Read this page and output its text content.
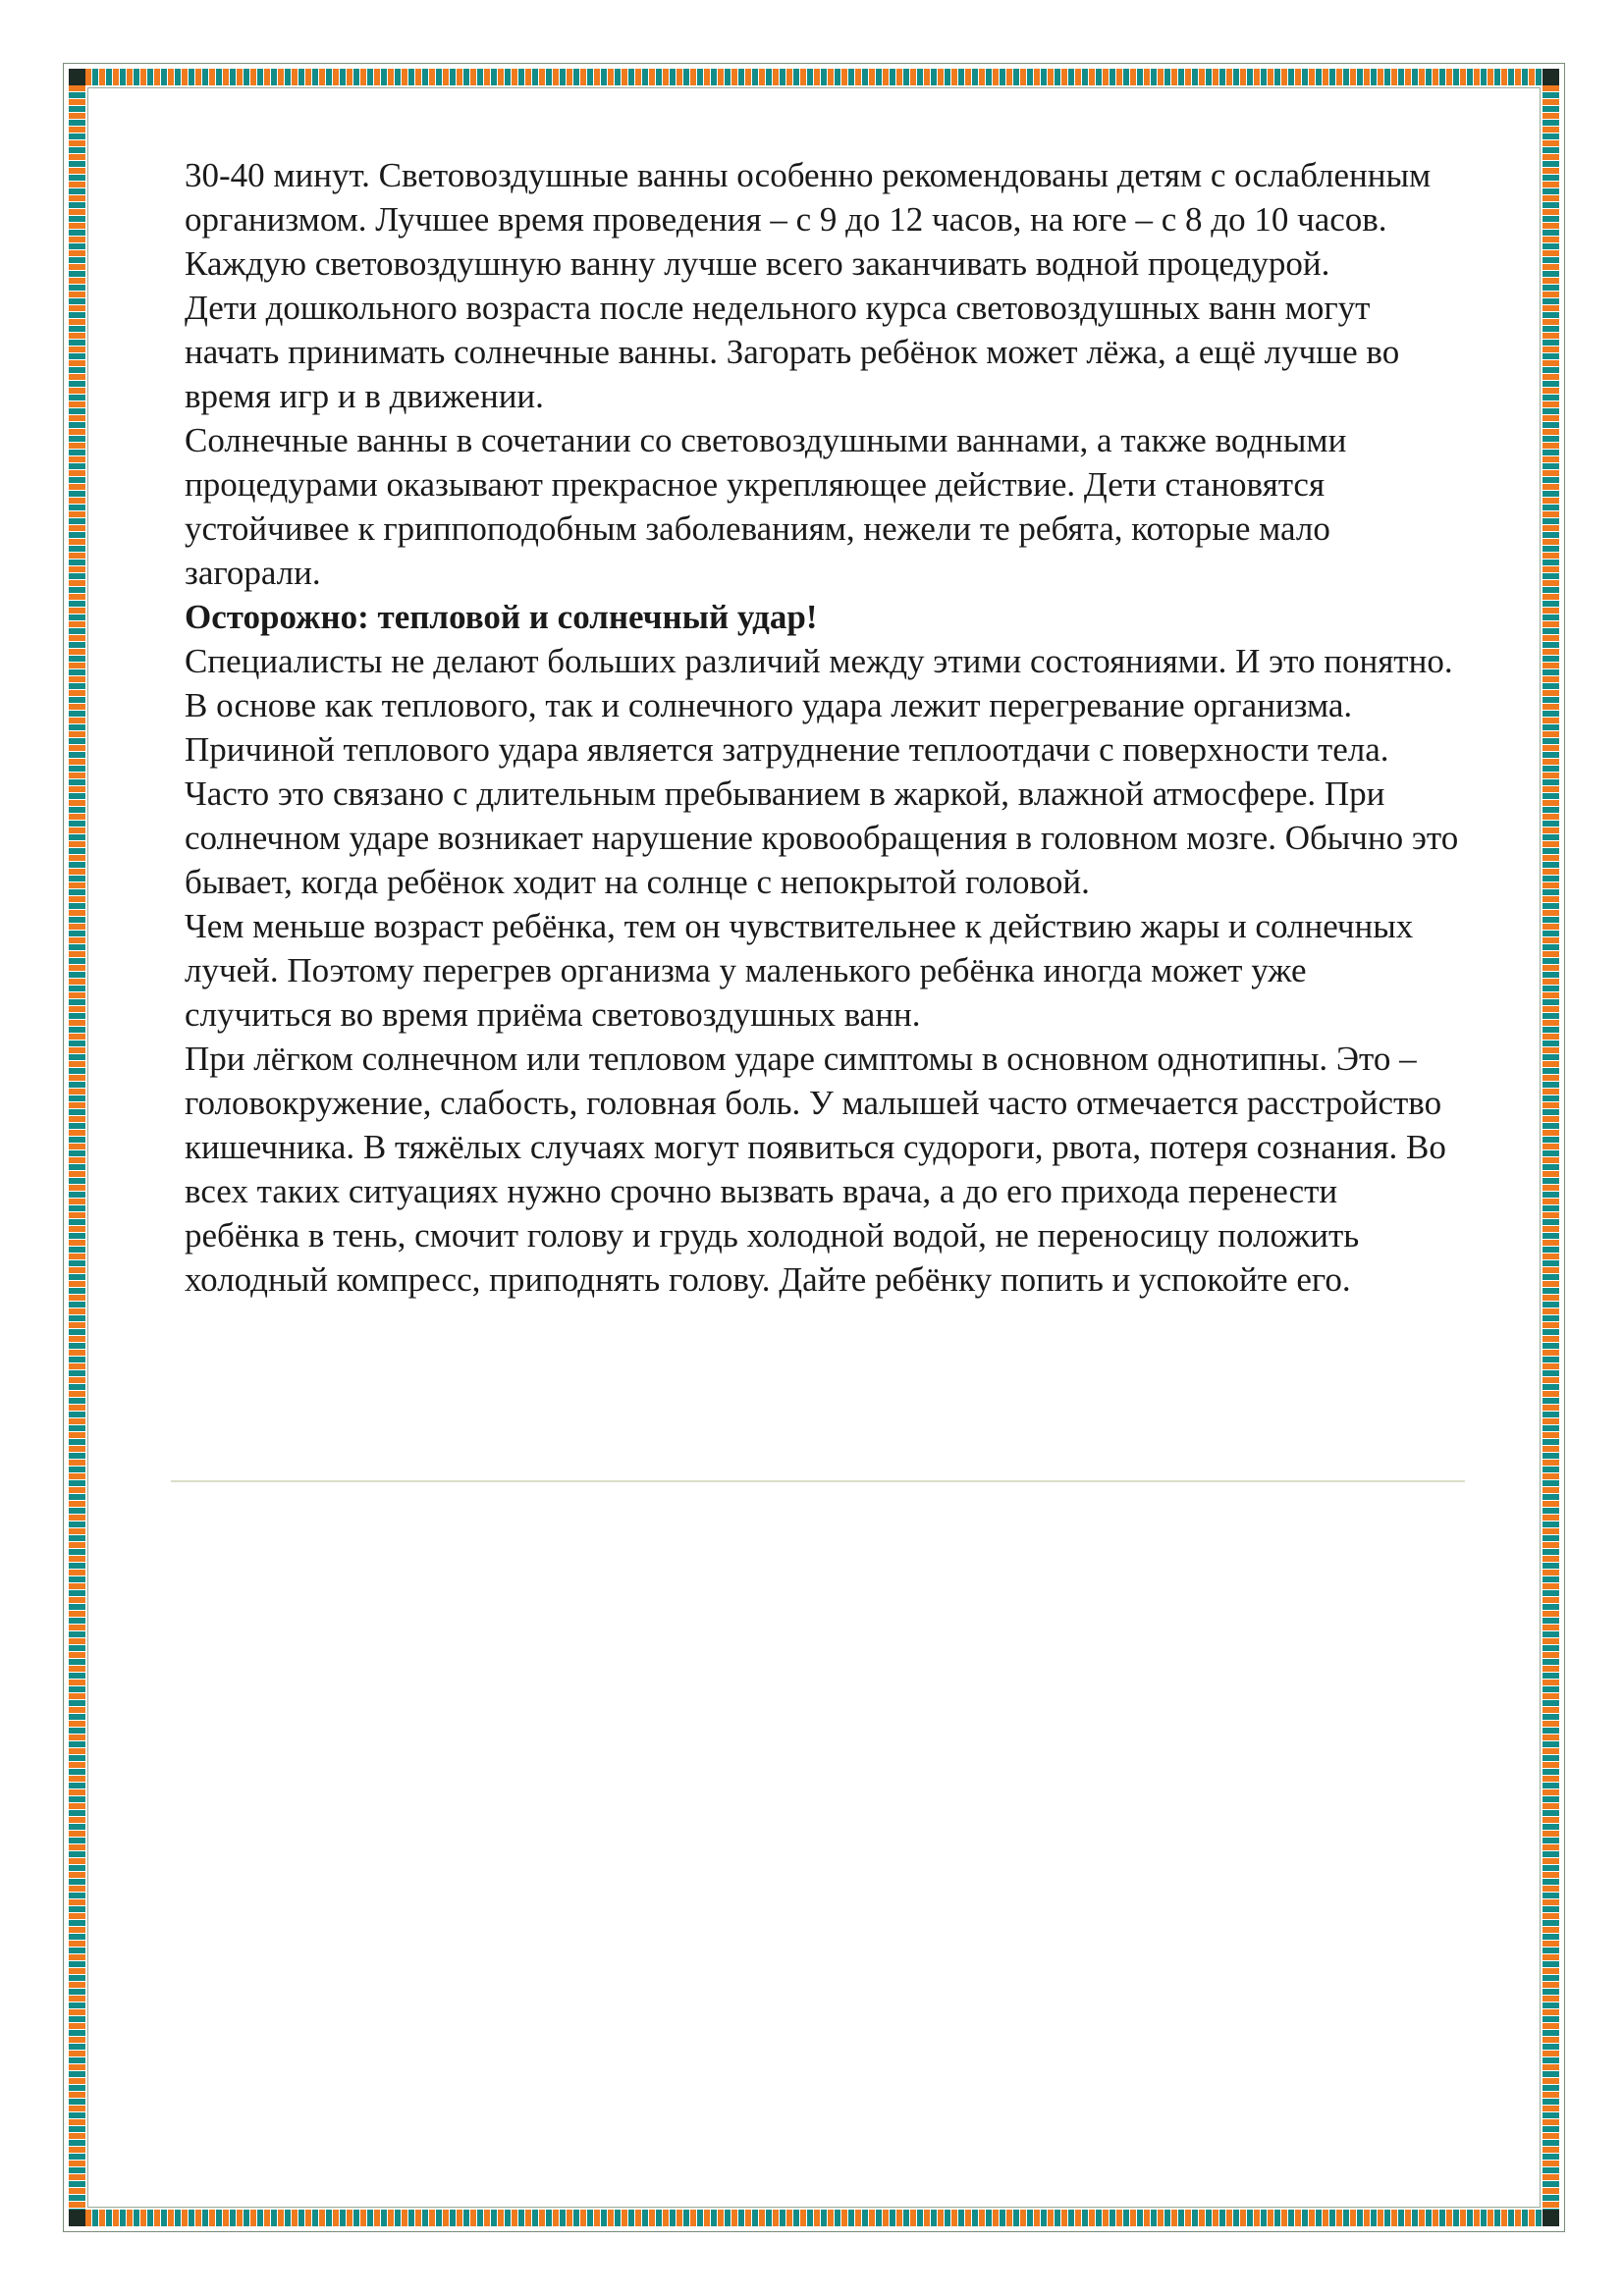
30-40 минут. Световоздушные ванны особенно рекомендованы детям с ослабленным организмом. Лучшее время проведения – с 9 до 12 часов, на юге – с 8 до 10 часов. Каждую световоздушную ванну лучше всего заканчивать водной процедурой.

Дети дошкольного возраста после недельного курса световоздушных ванн могут начать принимать солнечные ванны. Загорать ребёнок может лёжа, а ещё лучше во время игр и в движении.

Солнечные ванны в сочетании со световоздушными ваннами, а также водными процедурами оказывают прекрасное укрепляющее действие. Дети становятся устойчивее к гриппоподобным заболеваниям, нежели те ребята, которые мало загорали.

Осторожно: тепловой и солнечный удар!

Специалисты не делают больших различий между этими состояниями. И это понятно. В основе как теплового, так и солнечного удара лежит перегревание организма. Причиной теплового удара является затруднение теплоотдачи с поверхности тела. Часто это связано с длительным пребыванием в жаркой, влажной атмосфере. При солнечном ударе возникает нарушение кровообращения в головном мозге. Обычно это бывает, когда ребёнок ходит на солнце с непокрытой головой.

Чем меньше возраст ребёнка, тем он чувствительнее к действию жары и солнечных лучей. Поэтому перегрев организма у маленького ребёнка иногда может уже случиться во время приёма световоздушных ванн.

При лёгком солнечном или тепловом ударе симптомы в основном однотипны. Это – головокружение, слабость, головная боль. У малышей часто отмечается расстройство кишечника. В тяжёлых случаях могут появиться судороги, рвота, потеря сознания. Во всех таких ситуациях нужно срочно вызвать врача, а до его прихода перенести ребёнка в тень, смочит голову и грудь холодной водой, не переносицу положить холодный компресс, приподнять голову. Дайте ребёнку попить и успокойте его.
